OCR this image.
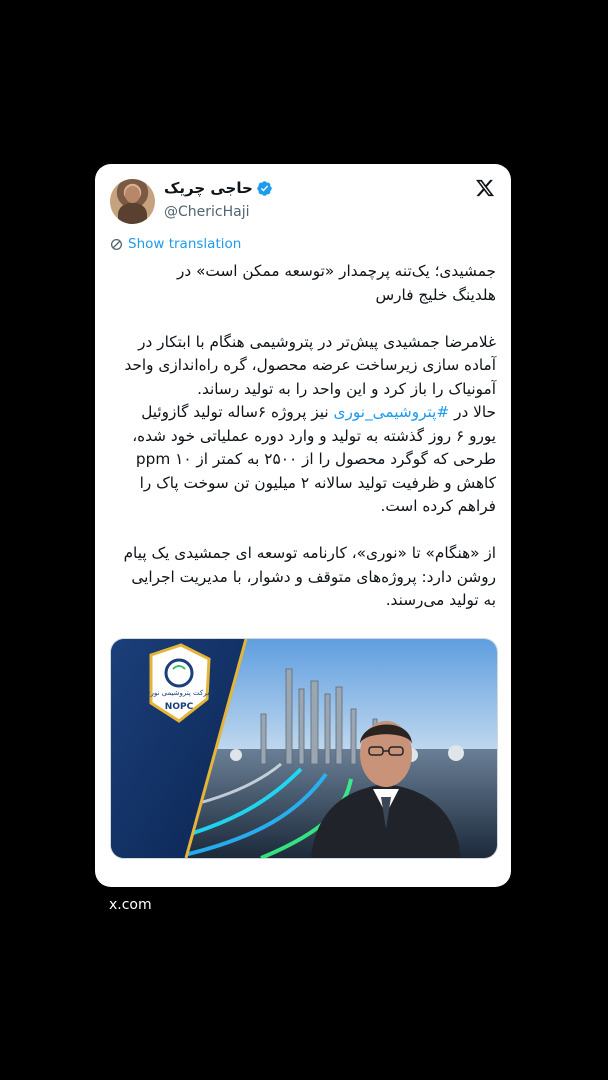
حاجی چریک
@ChericHaji
Show translation

جمشیدی؛ یک‌تنه پرچمدار «توسعه ممکن است» در

هلدینگ خلیج فارس

غلامرضا جمشیدی پیش‌تر در پتروشیمی هنگام با ابتکار در

آماده سازی زیرساخت عرضه محصول، گره راه‌اندازی واحد

آمونیاک را باز کرد و این واحد را به تولید رساند.

حالا در #پتروشیمی_نوری نیز پروژه ۶ساله تولید گازوئیل

یورو ۶ روز گذشته به تولید و وارد دوره عملیاتی خود شده،

طرحی که گوگرد محصول را از ۲۵۰۰ به کمتر از ۱۰ ppm

کاهش و ظرفیت تولید سالانه ۲ میلیون تن سوخت پاک را

فراهم کرده است.

از «هنگام» تا «نوری»، کارنامه توسعه ای جمشیدی یک پیام

روشن دارد: پروژه‌های متوقف و دشوار، با مدیریت اجرایی

به تولید می‌رسند.

شرکت پتروشیمی نوری
NOPC
x.com
